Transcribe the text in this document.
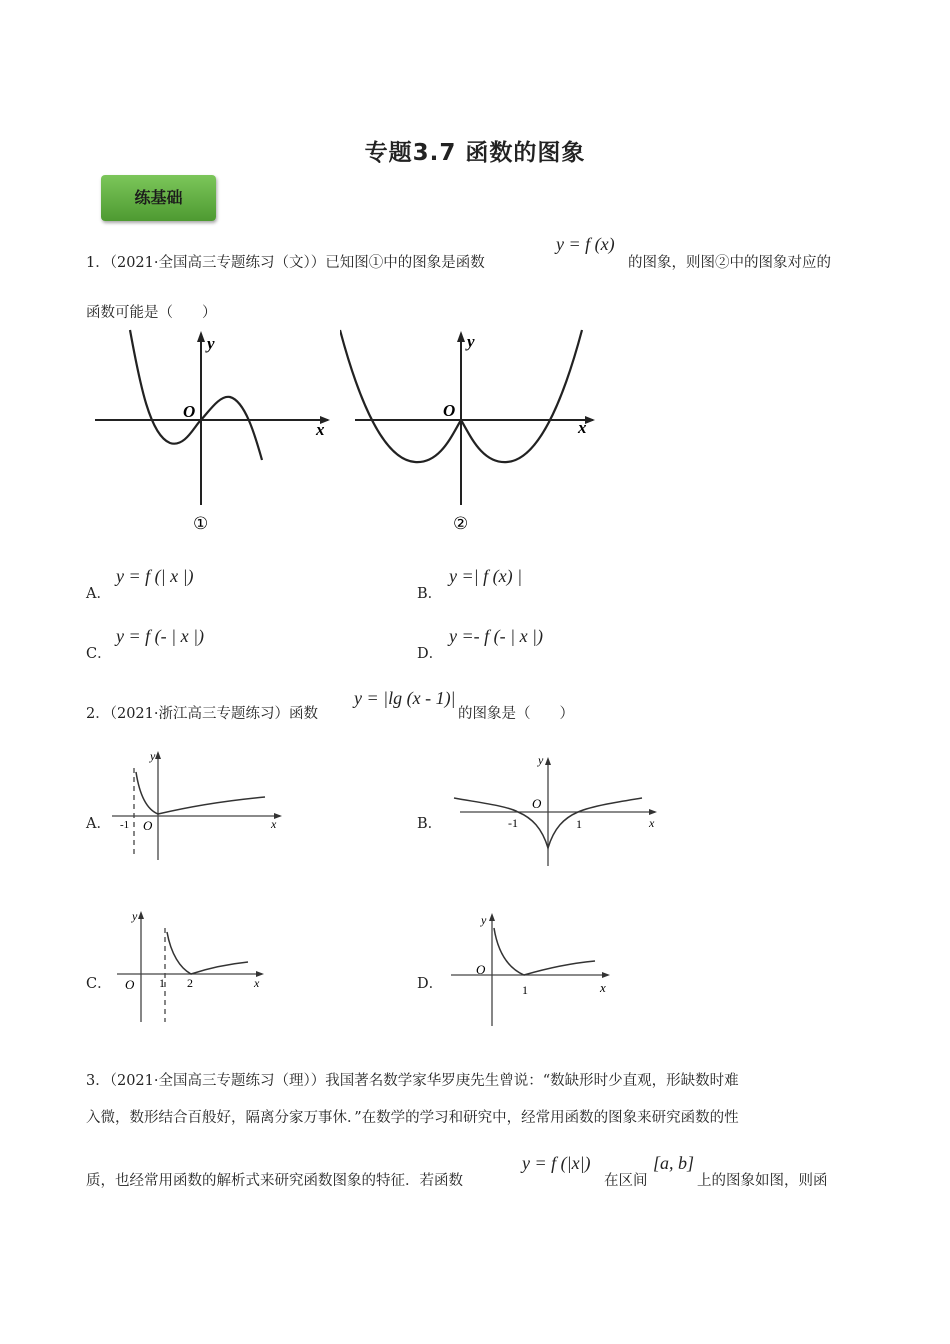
专题3.7 函数的图象
练基础
1．（2021·全国高三专题练习（文））已知图①中的图象是函数
y = f (x)
的图象，则图②中的图象对应的
函数可能是（　　）
y
x
O
①
y
x
O
②
A．
y = f (| x |)
B．
y =| f (x) |
C．
y = f (- | x |)
D．
y =- f (- | x |)
2．（2021·浙江高三专题练习）函数
y = |lg (x - 1)|
的图象是（　　）
A．
y
x
-1 O	B．
y
x
-1	1
O
C．
y
x
O 1 2	D．
y
x
O
1
3．（2021·全国高三专题练习（理））我国著名数学家华罗庚先生曾说：“数缺形时少直观，形缺数时难
入微，数形结合百般好，隔离分家万事休．”在数学的学习和研究中，经常用函数的图象来研究函数的性
质，也经常用函数的解析式来研究函数图象的特征．若函数
y = f (|x|)
在区间
[a, b]
上的图象如图，则函
